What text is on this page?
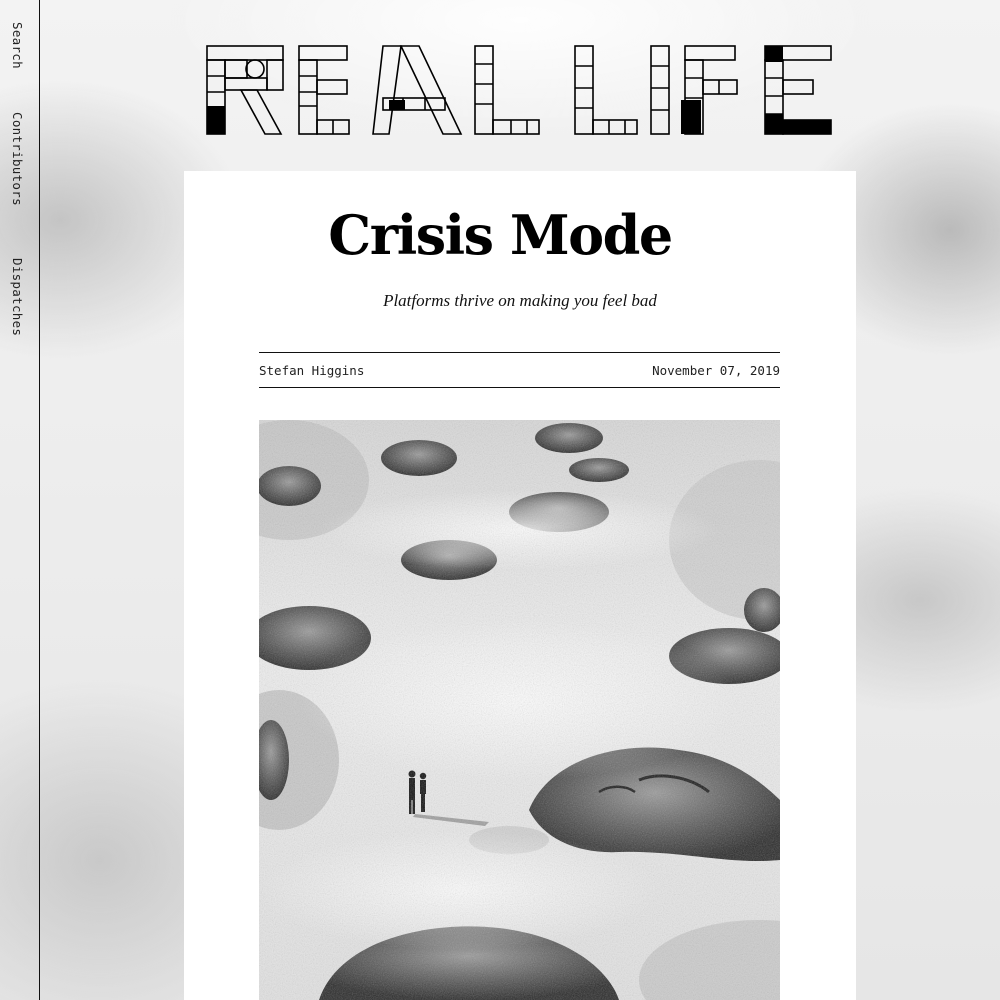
Search
Contributors
Dispatches
Crisis Mode

Platforms thrive on making you feel bad

Stefan Higgins	November 07, 2019
